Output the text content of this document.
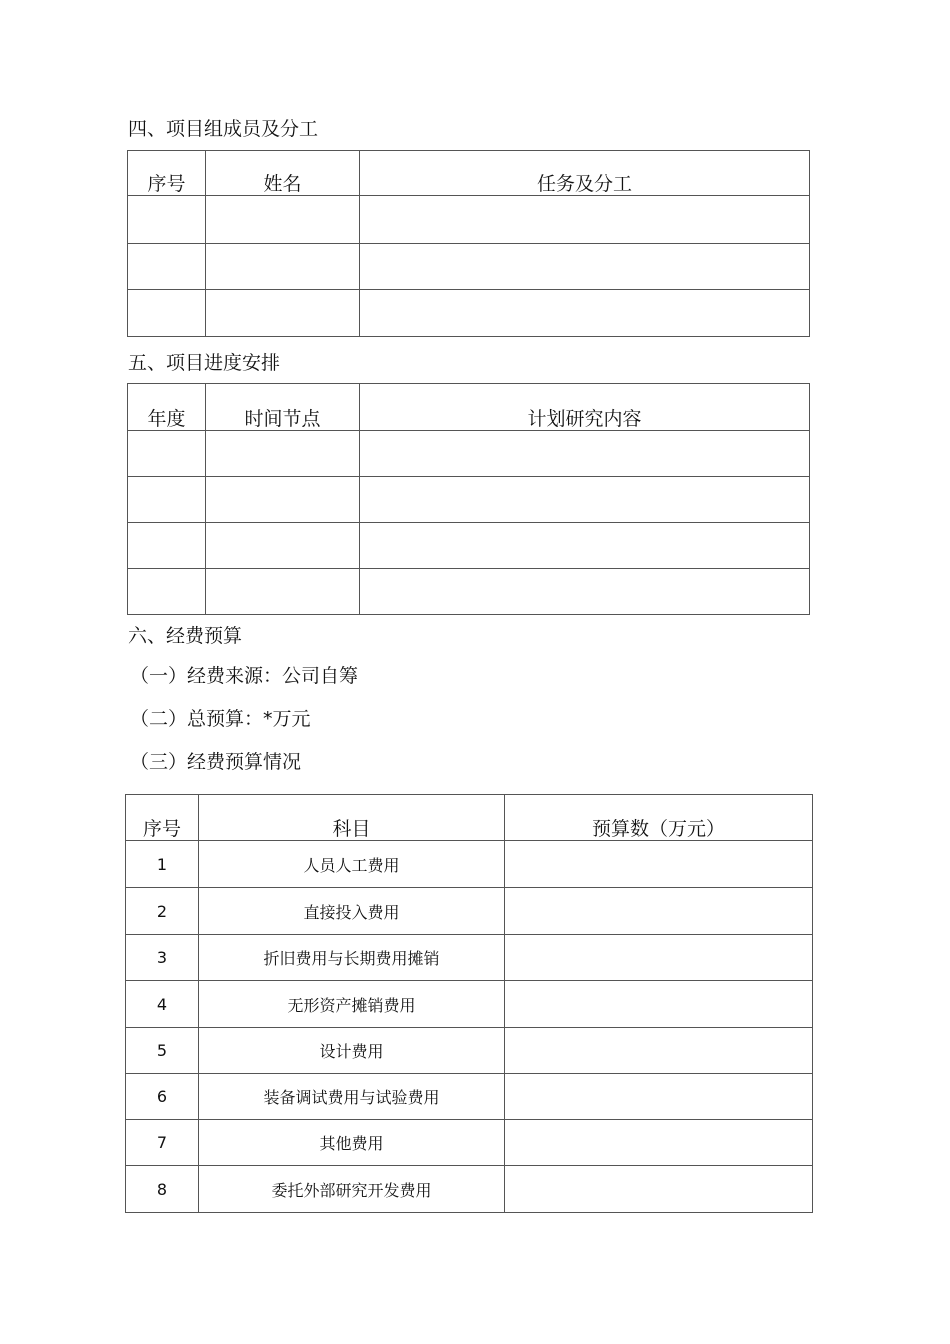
四、项目组成员及分工
序号	姓名	任务及分工

五、项目进度安排
年度	时间节点	计划研究内容

六、经费预算
（一）经费来源：公司自筹
（二）总预算：*万元
（三）经费预算情况
序号	科目	预算数（万元）
1	人员人工费用	
2	直接投入费用	
3	折旧费用与长期费用摊销	
4	无形资产摊销费用	
5	设计费用	
6	装备调试费用与试验费用	
7	其他费用	
8	委托外部研究开发费用	
